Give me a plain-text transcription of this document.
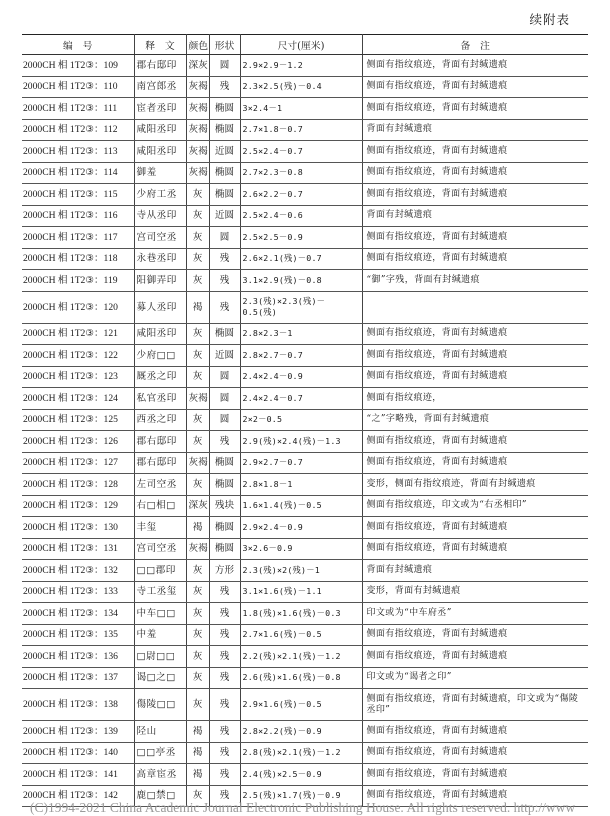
续附表
编　号	释　文	颜色	形状	尺寸(厘米)	备　注
2000CH 相 1T2③：109	郡右邸印	深灰	圆	2.9×2.9－1.2	侧面有指纹痕迹，背面有封缄遗痕
2000CH 相 1T2③：110	南宫郎丞	灰褐	残	2.3×2.5(残)－0.4	侧面有指纹痕迹，背面有封缄遗痕
2000CH 相 1T2③：111	宦者丞印	灰褐	椭圆	3×2.4－1	侧面有指纹痕迹，背面有封缄遗痕
2000CH 相 1T2③：112	咸阳丞印	灰褐	椭圆	2.7×1.8－0.7	背面有封缄遗痕
2000CH 相 1T2③：113	咸阳丞印	灰褐	近圆	2.5×2.4－0.7	侧面有指纹痕迹，背面有封缄遗痕
2000CH 相 1T2③：114	御羞	灰褐	椭圆	2.7×2.3－0.8	侧面有指纹痕迹，背面有封缄遗痕
2000CH 相 1T2③：115	少府工丞	灰	椭圆	2.6×2.2－0.7	侧面有指纹痕迹，背面有封缄遗痕
2000CH 相 1T2③：116	寺从丞印	灰	近圆	2.5×2.4－0.6	背面有封缄遗痕
2000CH 相 1T2③：117	宫司空丞	灰	圆	2.5×2.5－0.9	侧面有指纹痕迹，背面有封缄遗痕
2000CH 相 1T2③：118	永巷丞印	灰	残	2.6×2.1(残)－0.7	侧面有指纹痕迹，背面有封缄遗痕
2000CH 相 1T2③：119	阳御弄印	灰	残	3.1×2.9(残)－0.8	“御”字残，背面有封缄遗痕
2000CH 相 1T2③：120	募人丞印	褐	残	2.3(残)×2.3(残)－0.5(残)	
2000CH 相 1T2③：121	咸阳丞印	灰	椭圆	2.8×2.3－1	侧面有指纹痕迹，背面有封缄遗痕
2000CH 相 1T2③：122	少府□□	灰	近圆	2.8×2.7－0.7	侧面有指纹痕迹，背面有封缄遗痕
2000CH 相 1T2③：123	厩丞之印	灰	圆	2.4×2.4－0.9	侧面有指纹痕迹，背面有封缄遗痕
2000CH 相 1T2③：124	私官丞印	灰褐	圆	2.4×2.4－0.7	侧面有指纹痕迹，
2000CH 相 1T2③：125	西丞之印	灰	圆	2×2－0.5	“之”字略残，背面有封缄遗痕
2000CH 相 1T2③：126	郡右邸印	灰	残	2.9(残)×2.4(残)－1.3	侧面有指纹痕迹，背面有封缄遗痕
2000CH 相 1T2③：127	郡右邸印	灰褐	椭圆	2.9×2.7－0.7	侧面有指纹痕迹，背面有封缄遗痕
2000CH 相 1T2③：128	左司空丞	灰	椭圆	2.8×1.8－1	变形，侧面有指纹痕迹，背面有封缄遗痕
2000CH 相 1T2③：129	右□相□	深灰	残块	1.6×1.4(残)－0.5	侧面有指纹痕迹，印文或为“右丞相印”
2000CH 相 1T2③：130	丰玺	褐	椭圆	2.9×2.4－0.9	侧面有指纹痕迹，背面有封缄遗痕
2000CH 相 1T2③：131	宫司空丞	灰褐	椭圆	3×2.6－0.9	侧面有指纹痕迹，背面有封缄遗痕
2000CH 相 1T2③：132	□□郡印	灰	方形	2.3(残)×2(残)－1	背面有封缄遗痕
2000CH 相 1T2③：133	寺工丞玺	灰	残	3.1×1.6(残)－1.1	变形，背面有封缄遗痕
2000CH 相 1T2③：134	中车□□	灰	残	1.8(残)×1.6(残)－0.3	印文或为“中车府丞”
2000CH 相 1T2③：135	中羞	灰	残	2.7×1.6(残)－0.5	侧面有指纹痕迹，背面有封缄遗痕
2000CH 相 1T2③：136	□尉□□	灰	残	2.2(残)×2.1(残)－1.2	侧面有指纹痕迹，背面有封缄遗痕
2000CH 相 1T2③：137	谒□之□	灰	残	2.6(残)×1.6(残)－0.8	印文或为“谒者之印”
2000CH 相 1T2③：138	傷陵□□	灰	残	2.9×1.6(残)－0.5	侧面有指纹痕迹，背面有封缄遗痕，印文或为“傷陵丞印”
2000CH 相 1T2③：139	陉山	褐	残	2.8×2.2(残)－0.9	侧面有指纹痕迹，背面有封缄遗痕
2000CH 相 1T2③：140	□□亭丞	褐	残	2.8(残)×2.1(残)－1.2	侧面有指纹痕迹，背面有封缄遗痕
2000CH 相 1T2③：141	高章宦丞	褐	残	2.4(残)×2.5－0.9	侧面有指纹痕迹，背面有封缄遗痕
2000CH 相 1T2③：142	鹿□禁□	灰	残	2.5(残)×1.7(残)－0.9	侧面有指纹痕迹，背面有封缄遗痕
(C)1994-2021 China Academic Journal Electronic Publishing House. All rights reserved. http://www
